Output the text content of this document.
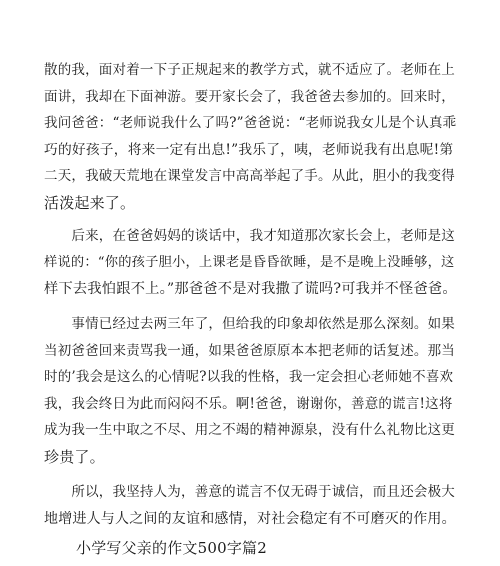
散的我，面对着一下子正规起来的教学方式，就不适应了。老师在上
面讲，我却在下面神游。要开家长会了，我爸爸去参加的。回来时，
我问爸爸：“老师说我什么了吗?”爸爸说：“老师说我女儿是个认真乖
巧的好孩子，将来一定有出息!”我乐了，咦，老师说我有出息呢!第
二天，我破天荒地在课堂发言中高高举起了手。从此，胆小的我变得
活泼起来了。

　　后来，在爸爸妈妈的谈话中，我才知道那次家长会上，老师是这
样说的：“你的孩子胆小，上课老是昏昏欲睡，是不是晚上没睡够，这
样下去我怕跟不上。”那爸爸不是对我撒了谎吗?可我并不怪爸爸。

　　事情已经过去两三年了，但给我的印象却依然是那么深刻。如果
当初爸爸回来责骂我一通，如果爸爸原原本本把老师的话复述。那当
时的’我会是这么的心情呢?以我的性格，我一定会担心老师她不喜欢
我，我会终日为此而闷闷不乐。啊!爸爸，谢谢你，善意的谎言!这将
成为我一生中取之不尽、用之不竭的精神源泉，没有什么礼物比这更
珍贵了。

　　所以，我坚持人为，善意的谎言不仅无碍于诚信，而且还会极大
地增进人与人之间的友谊和感情，对社会稳定有不可磨灭的作用。

小学写父亲的作文500字篇2
